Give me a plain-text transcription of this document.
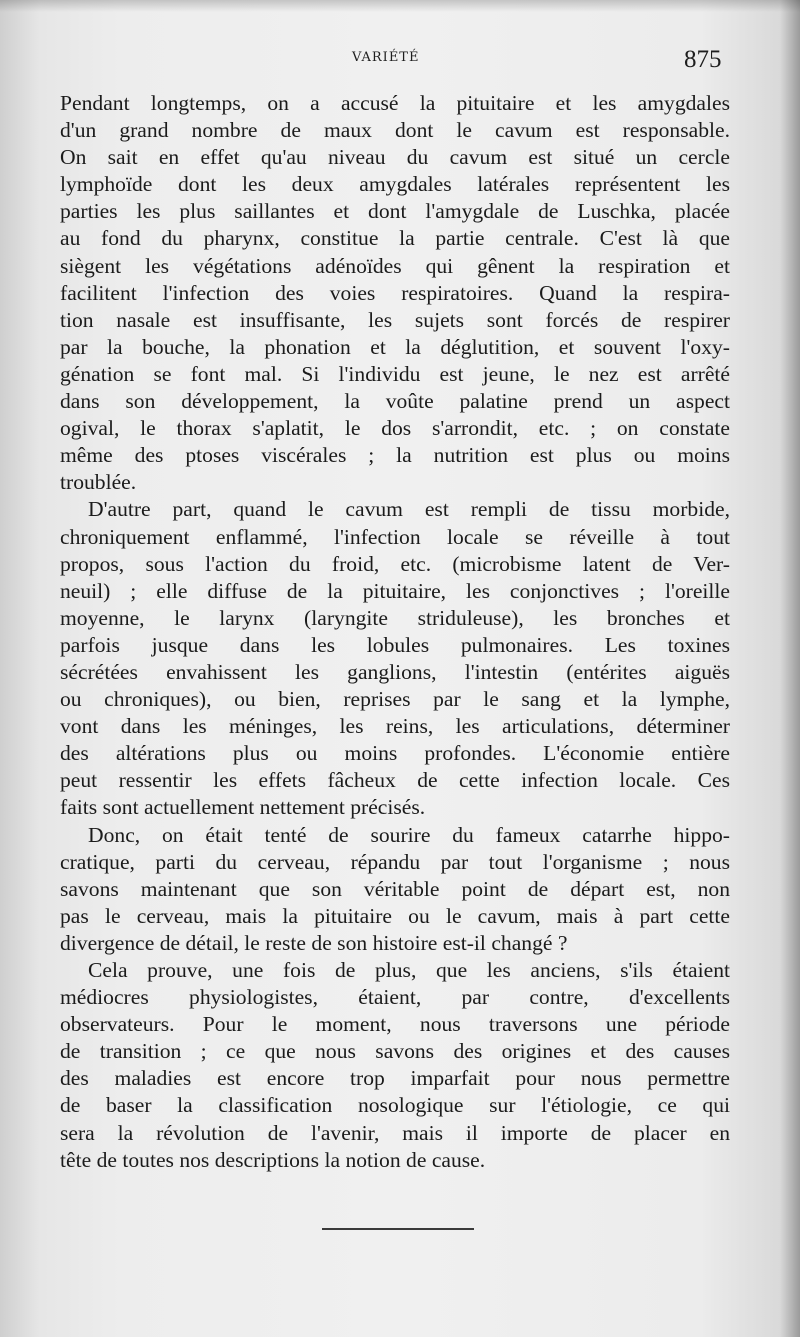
VARIÉTÉ	875
Pendant longtemps, on a accusé la pituitaire et les amygdales
d'un grand nombre de maux dont le cavum est responsable.
On sait en effet qu'au niveau du cavum est situé un cercle
lymphoïde dont les deux amygdales latérales représentent les
parties les plus saillantes et dont l'amygdale de Luschka, placée
au fond du pharynx, constitue la partie centrale. C'est là que
siègent les végétations adénoïdes qui gênent la respiration et
facilitent l'infection des voies respiratoires. Quand la respira-
tion nasale est insuffisante, les sujets sont forcés de respirer
par la bouche, la phonation et la déglutition, et souvent l'oxy-
génation se font mal. Si l'individu est jeune, le nez est arrêté
dans son développement, la voûte palatine prend un aspect
ogival, le thorax s'aplatit, le dos s'arrondit, etc. ; on constate
même des ptoses viscérales ; la nutrition est plus ou moins
troublée.
D'autre part, quand le cavum est rempli de tissu morbide,
chroniquement enflammé, l'infection locale se réveille à tout
propos, sous l'action du froid, etc. (microbisme latent de Ver-
neuil) ; elle diffuse de la pituitaire, les conjonctives ; l'oreille
moyenne, le larynx (laryngite striduleuse), les bronches et
parfois jusque dans les lobules pulmonaires. Les toxines
sécrétées envahissent les ganglions, l'intestin (entérites aiguës
ou chroniques), ou bien, reprises par le sang et la lymphe,
vont dans les méninges, les reins, les articulations, déterminer
des altérations plus ou moins profondes. L'économie entière
peut ressentir les effets fâcheux de cette infection locale. Ces
faits sont actuellement nettement précisés.
Donc, on était tenté de sourire du fameux catarrhe hippo-
cratique, parti du cerveau, répandu par tout l'organisme ; nous
savons maintenant que son véritable point de départ est, non
pas le cerveau, mais la pituitaire ou le cavum, mais à part cette
divergence de détail, le reste de son histoire est-il changé ?
Cela prouve, une fois de plus, que les anciens, s'ils étaient
médiocres physiologistes, étaient, par contre, d'excellents
observateurs. Pour le moment, nous traversons une période
de transition ; ce que nous savons des origines et des causes
des maladies est encore trop imparfait pour nous permettre
de baser la classification nosologique sur l'étiologie, ce qui
sera la révolution de l'avenir, mais il importe de placer en
tête de toutes nos descriptions la notion de cause.
